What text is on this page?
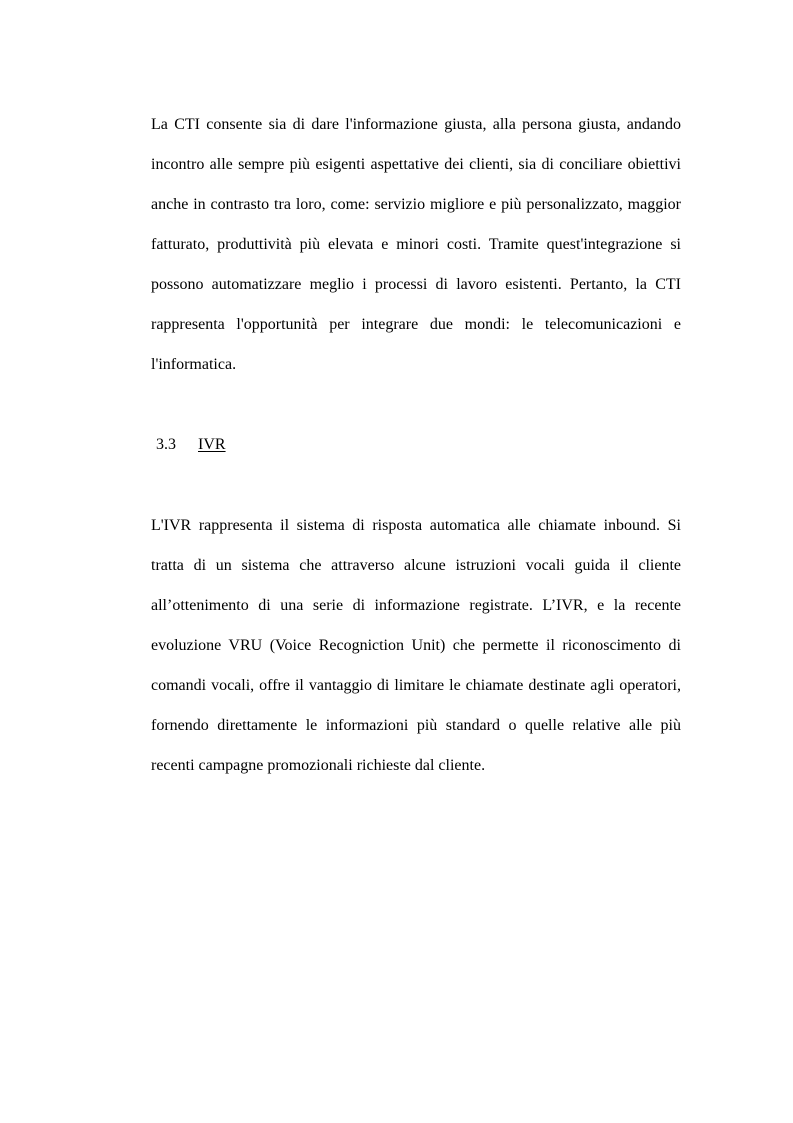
La CTI consente sia di dare l'informazione giusta, alla persona giusta, andando incontro alle sempre più esigenti aspettative dei clienti, sia di conciliare obiettivi anche in contrasto tra loro, come: servizio migliore e più personalizzato, maggior fatturato, produttività più elevata e minori costi. Tramite quest'integrazione si possono automatizzare meglio i processi di lavoro esistenti. Pertanto, la CTI rappresenta l'opportunità per integrare due mondi: le telecomunicazioni e l'informatica.

3.3 IVR

L'IVR rappresenta il sistema di risposta automatica alle chiamate inbound. Si tratta di un sistema che attraverso alcune istruzioni vocali guida il cliente all’ottenimento di una serie di informazione registrate. L’IVR, e la recente evoluzione VRU (Voice Recogniction Unit) che permette il riconoscimento di comandi vocali, offre il vantaggio di limitare le chiamate destinate agli operatori, fornendo direttamente le informazioni più standard o quelle relative alle più recenti campagne promozionali richieste dal cliente.
